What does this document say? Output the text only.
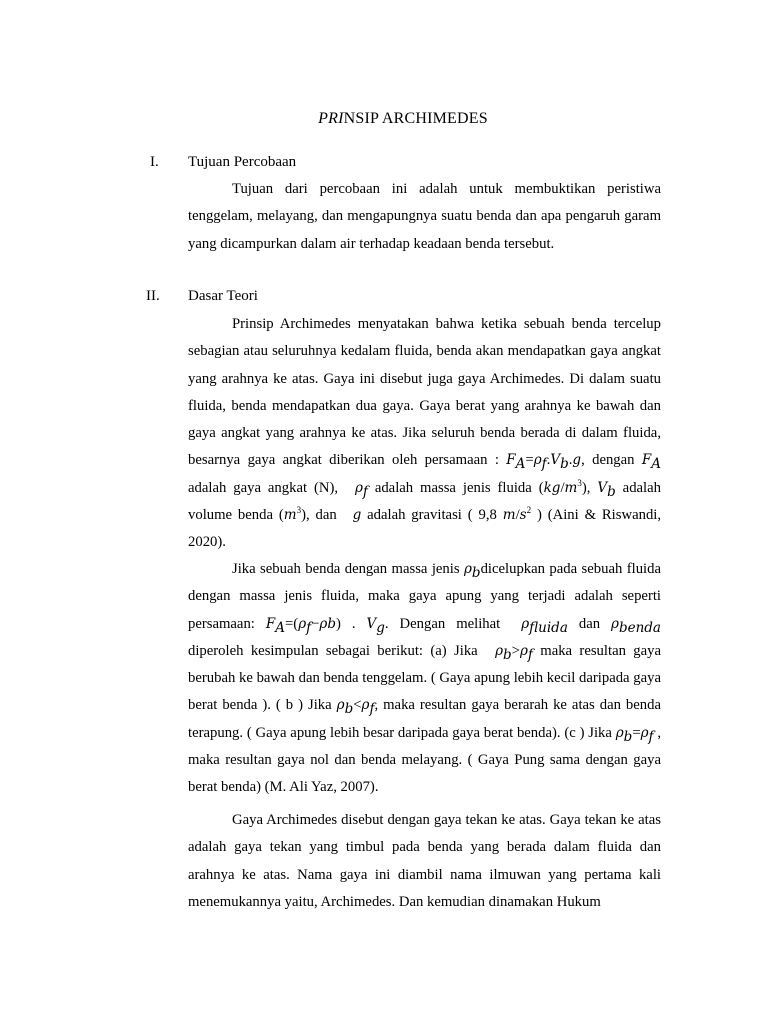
PRINSIP ARCHIMEDES
I. Tujuan Percobaan
Tujuan dari percobaan ini adalah untuk membuktikan peristiwa tenggelam, melayang, dan mengapungnya suatu benda dan apa pengaruh garam yang dicampurkan dalam air terhadap keadaan benda tersebut.
II. Dasar Teori
Prinsip Archimedes menyatakan bahwa ketika sebuah benda tercelup sebagian atau seluruhnya kedalam fluida, benda akan mendapatkan gaya angkat yang arahnya ke atas. Gaya ini disebut juga gaya Archimedes. Di dalam suatu fluida, benda mendapatkan dua gaya. Gaya berat yang arahnya ke bawah dan gaya angkat yang arahnya ke atas. Jika seluruh benda berada di dalam fluida, besarnya gaya angkat diberikan oleh persamaan : $F_A=\rho_f.V_b.g$, dengan $F_A$ adalah gaya angkat (N), $\rho_f$ adalah massa jenis fluida $(kg/m^3)$, $V_b$ adalah volume benda $(m^3)$, dan g adalah gravitasi ( 9,8 $m/s^2$ ) (Aini & Riswandi, 2020).
Jika sebuah benda dengan massa jenis $\rho_bdicelupkan$ pada sebuah fluida dengan massa jenis fluida, maka gaya apung yang terjadi adalah seperti persamaan: $F_A=(\rho_f-\rho b)$ . $V_g$. Dengan melihat $\rho_{fluida}$ dan $\rho_{benda}$ diperoleh kesimpulan sebagai berikut: (a) Jika $\rho_b>\rho_f$ maka resultan gaya berubah ke bawah dan benda tenggelam. ( Gaya apung lebih kecil daripada gaya berat benda ). ( b ) Jika $\rho_b<\rho_f$, maka resultan gaya berarah ke atas dan benda terapung. ( Gaya apung lebih besar daripada gaya berat benda). (c ) Jika $\rho_b=\rho_f$ , maka resultan gaya nol dan benda melayang. ( Gaya Pung sama dengan gaya berat benda) (M. Ali Yaz, 2007).
Gaya Archimedes disebut dengan gaya tekan ke atas. Gaya tekan ke atas adalah gaya tekan yang timbul pada benda yang berada dalam fluida dan arahnya ke atas. Nama gaya ini diambil nama ilmuwan yang pertama kali menemukannya yaitu, Archimedes. Dan kemudian dinamakan Hukum
